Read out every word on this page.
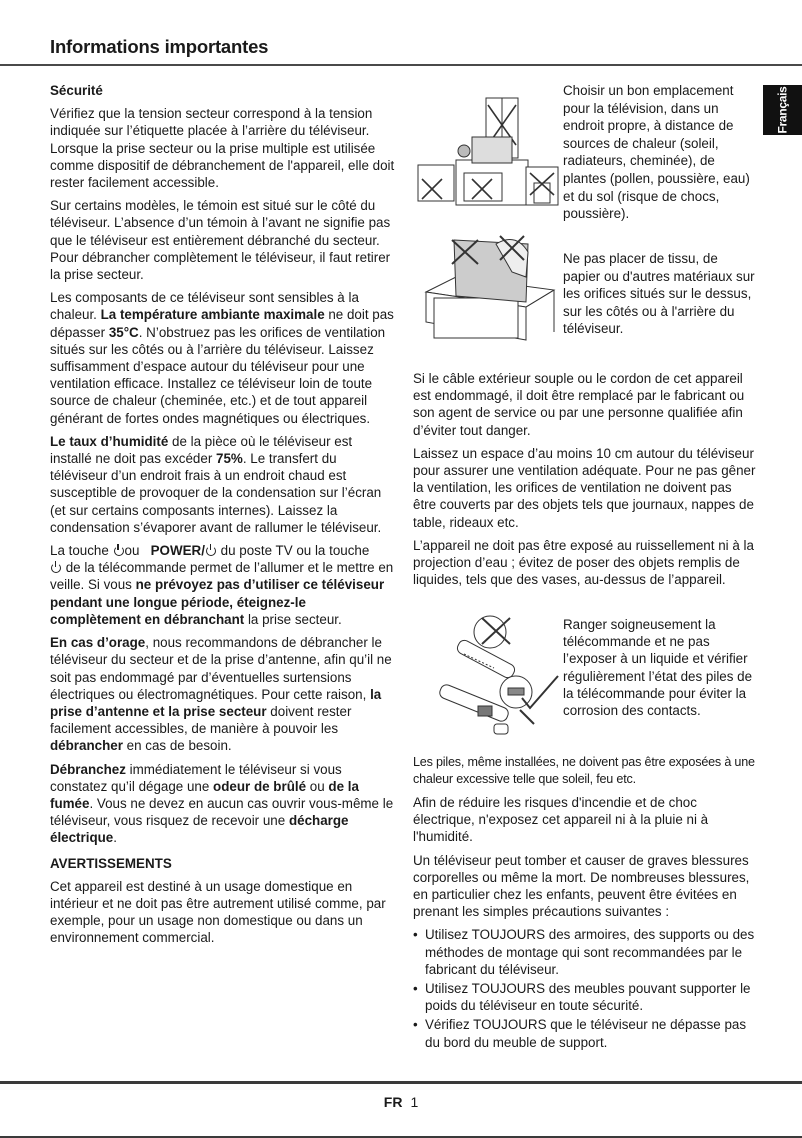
Informations importantes
Français
Sécurité

Vérifiez que la tension secteur correspond à la tension indiquée sur l’étiquette placée à l’arrière du téléviseur. Lorsque la prise secteur ou la prise multiple est utilisée comme dispositif de débranchement de l'appareil, elle doit rester facilement accessible.

Sur certains modèles, le témoin est situé sur le côté du téléviseur. L’absence d’un témoin à l’avant ne signifie pas que le téléviseur est entièrement débranché du secteur. Pour débrancher complètement le téléviseur, il faut retirer la prise secteur.

Les composants de ce téléviseur sont sensibles à la chaleur. La température ambiante maximale ne doit pas dépasser 35°C. N’obstruez pas les orifices de ventilation situés sur les côtés ou à l’arrière du téléviseur. Laissez suffisamment d’espace autour du téléviseur pour une ventilation efficace. Installez ce téléviseur loin de toute source de chaleur (cheminée, etc.) et de tout appareil générant de fortes ondes magnétiques ou électriques.

Le taux d’humidité de la pièce où le téléviseur est installé ne doit pas excéder 75%. Le transfert du téléviseur d’un endroit frais à un endroit chaud est susceptible de provoquer de la condensation sur l’écran (et sur certains composants internes). Laissez la condensation s’évaporer avant de rallumer le téléviseur.

La touche ou   POWER/ du poste TV ou la touche
de la télécommande permet de l’allumer et le mettre en veille. Si vous ne prévoyez pas d’utiliser ce téléviseur pendant une longue période, éteignez-le complètement en débranchant la prise secteur.

En cas d’orage, nous recommandons de débrancher le téléviseur du secteur et de la prise d’antenne, afin qu’il ne soit pas endommagé par d’éventuelles surtensions électriques ou électromagnétiques. Pour cette raison, la prise d’antenne et la prise secteur doivent rester facilement accessibles, de manière à pouvoir les débrancher en cas de besoin.

Débranchez immédiatement le téléviseur si vous constatez qu’il dégage une odeur de brûlé ou de la fumée. Vous ne devez en aucun cas ouvrir vous-même le téléviseur, vous risquez de recevoir une décharge électrique.

AVERTISSEMENTS

Cet appareil est destiné à un usage domestique en intérieur et ne doit pas être autrement utilisé comme, par exemple, pour un usage non domestique ou dans un environnement commercial.

Choisir un bon emplacement pour la télévision, dans un endroit propre, à distance de sources de chaleur (soleil, radiateurs, cheminée), de plantes (pollen, poussière, eau) et du sol (risque de chocs, poussière).
Ne pas placer de tissu, de papier ou d'autres matériaux sur les orifices situés sur le dessus, sur les côtés ou à l'arrière du téléviseur.

Si le câble extérieur souple ou le cordon de cet appareil est endommagé, il doit être remplacé par le fabricant ou son agent de service ou par une personne qualifiée afin d’éviter tout danger.

Laissez un espace d’au moins 10 cm autour du téléviseur pour assurer une ventilation adéquate. Pour ne pas gêner la ventilation, les orifices de ventilation ne doivent pas être couverts par des objets tels que journaux, nappes de table, rideaux etc.

L’appareil ne doit pas être exposé au ruissellement ni à la projection d’eau ; évitez de poser des objets remplis de liquides, tels que des vases, au-dessus de l’appareil.

Ranger soigneusement la télécommande et ne pas l’exposer à un liquide et vérifier régulièrement l’état des piles de la télécommande pour éviter la corrosion des contacts.
Les piles, même installées, ne doivent pas être exposées à une chaleur excessive telle que soleil, feu etc.

Afin de réduire les risques d'incendie et de choc électrique, n'exposez cet appareil ni à la pluie ni à l'humidité.

Un téléviseur peut tomber et causer de graves blessures corporelles ou même la mort. De nombreuses blessures, en particulier chez les enfants, peuvent être évitées en prenant les simples précautions suivantes :

• Utilisez TOUJOURS des armoires, des supports ou des méthodes de montage qui sont recommandées par le fabricant du téléviseur.
• Utilisez TOUJOURS des meubles pouvant supporter le poids du téléviseur en toute sécurité.
• Vérifiez TOUJOURS que le téléviseur ne dépasse pas du bord du meuble de support.
FR 1
